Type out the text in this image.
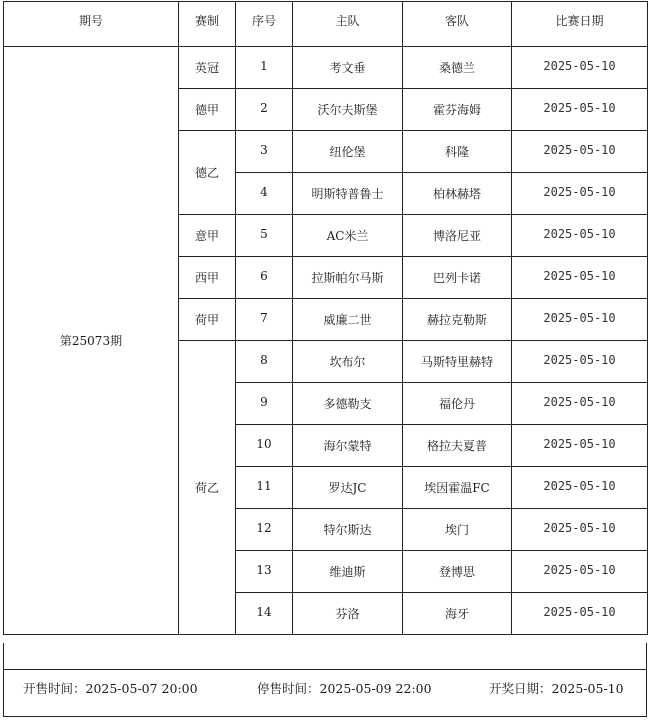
期号	赛制	序号	主队	客队	比赛日期
第25073期	英冠	1	考文垂	桑德兰	2025-05-10
	德甲	2	沃尔夫斯堡	霍芬海姆	2025-05-10
	德乙	3	纽伦堡	科隆	2025-05-10
		4	明斯特普鲁士	柏林赫塔	2025-05-10
	意甲	5	AC米兰	博洛尼亚	2025-05-10
	西甲	6	拉斯帕尔马斯	巴列卡诺	2025-05-10
	荷甲	7	威廉二世	赫拉克勒斯	2025-05-10
	荷乙	8	坎布尔	马斯特里赫特	2025-05-10
		9	多德勒支	福伦丹	2025-05-10
		10	海尔蒙特	格拉夫夏普	2025-05-10
		11	罗达JC	埃因霍温FC	2025-05-10
		12	特尔斯达	埃门	2025-05-10
		13	维迪斯	登博思	2025-05-10
		14	芬洛	海牙	2025-05-10
开售时间：2025-05-07 20:00	停售时间：2025-05-09 22:00	开奖日期：2025-05-10
